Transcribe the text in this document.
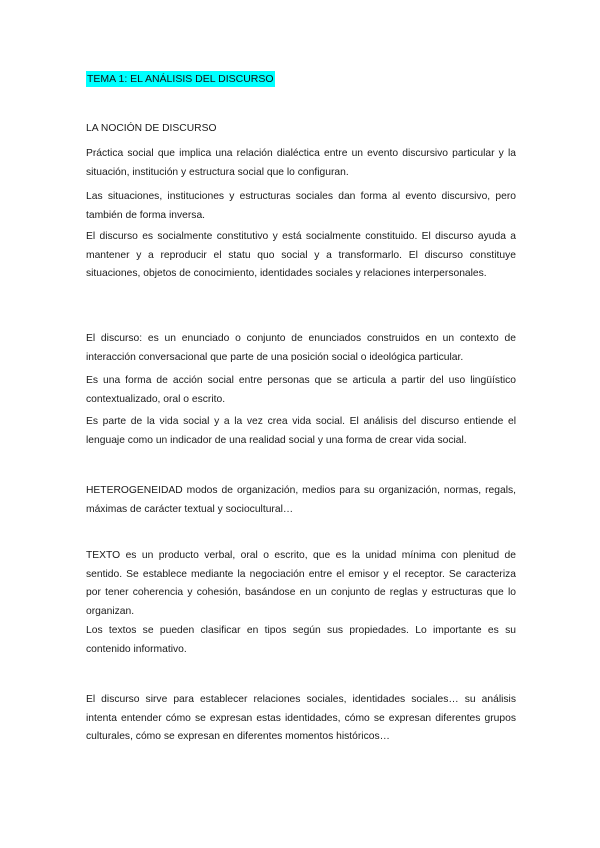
TEMA 1: EL ANÁLISIS DEL DISCURSO

LA NOCIÓN DE DISCURSO

Práctica social que implica una relación dialéctica entre un evento discursivo particular y la situación, institución y estructura social que lo configuran.

Las situaciones, instituciones y estructuras sociales dan forma al evento discursivo, pero también de forma inversa.

El discurso es socialmente constitutivo y está socialmente constituido. El discurso ayuda a mantener y a reproducir el statu quo social y a transformarlo. El discurso constituye situaciones, objetos de conocimiento, identidades sociales y relaciones interpersonales.

El discurso: es un enunciado o conjunto de enunciados construidos en un contexto de interacción conversacional que parte de una posición social o ideológica particular.

Es una forma de acción social entre personas que se articula a partir del uso lingüístico contextualizado, oral o escrito.

Es parte de la vida social y a la vez crea vida social. El análisis del discurso entiende el lenguaje como un indicador de una realidad social y una forma de crear vida social.

HETEROGENEIDAD modos de organización, medios para su organización, normas, regals, máximas de carácter textual y sociocultural…

TEXTO es un producto verbal, oral o escrito, que es la unidad mínima con plenitud de sentido. Se establece mediante la negociación entre el emisor y el receptor. Se caracteriza por tener coherencia y cohesión, basándose en un conjunto de reglas y estructuras que lo organizan.

Los textos se pueden clasificar en tipos según sus propiedades. Lo importante es su contenido informativo.

El discurso sirve para establecer relaciones sociales, identidades sociales… su análisis intenta entender cómo se expresan estas identidades, cómo se expresan diferentes grupos culturales, cómo se expresan en diferentes momentos históricos…
